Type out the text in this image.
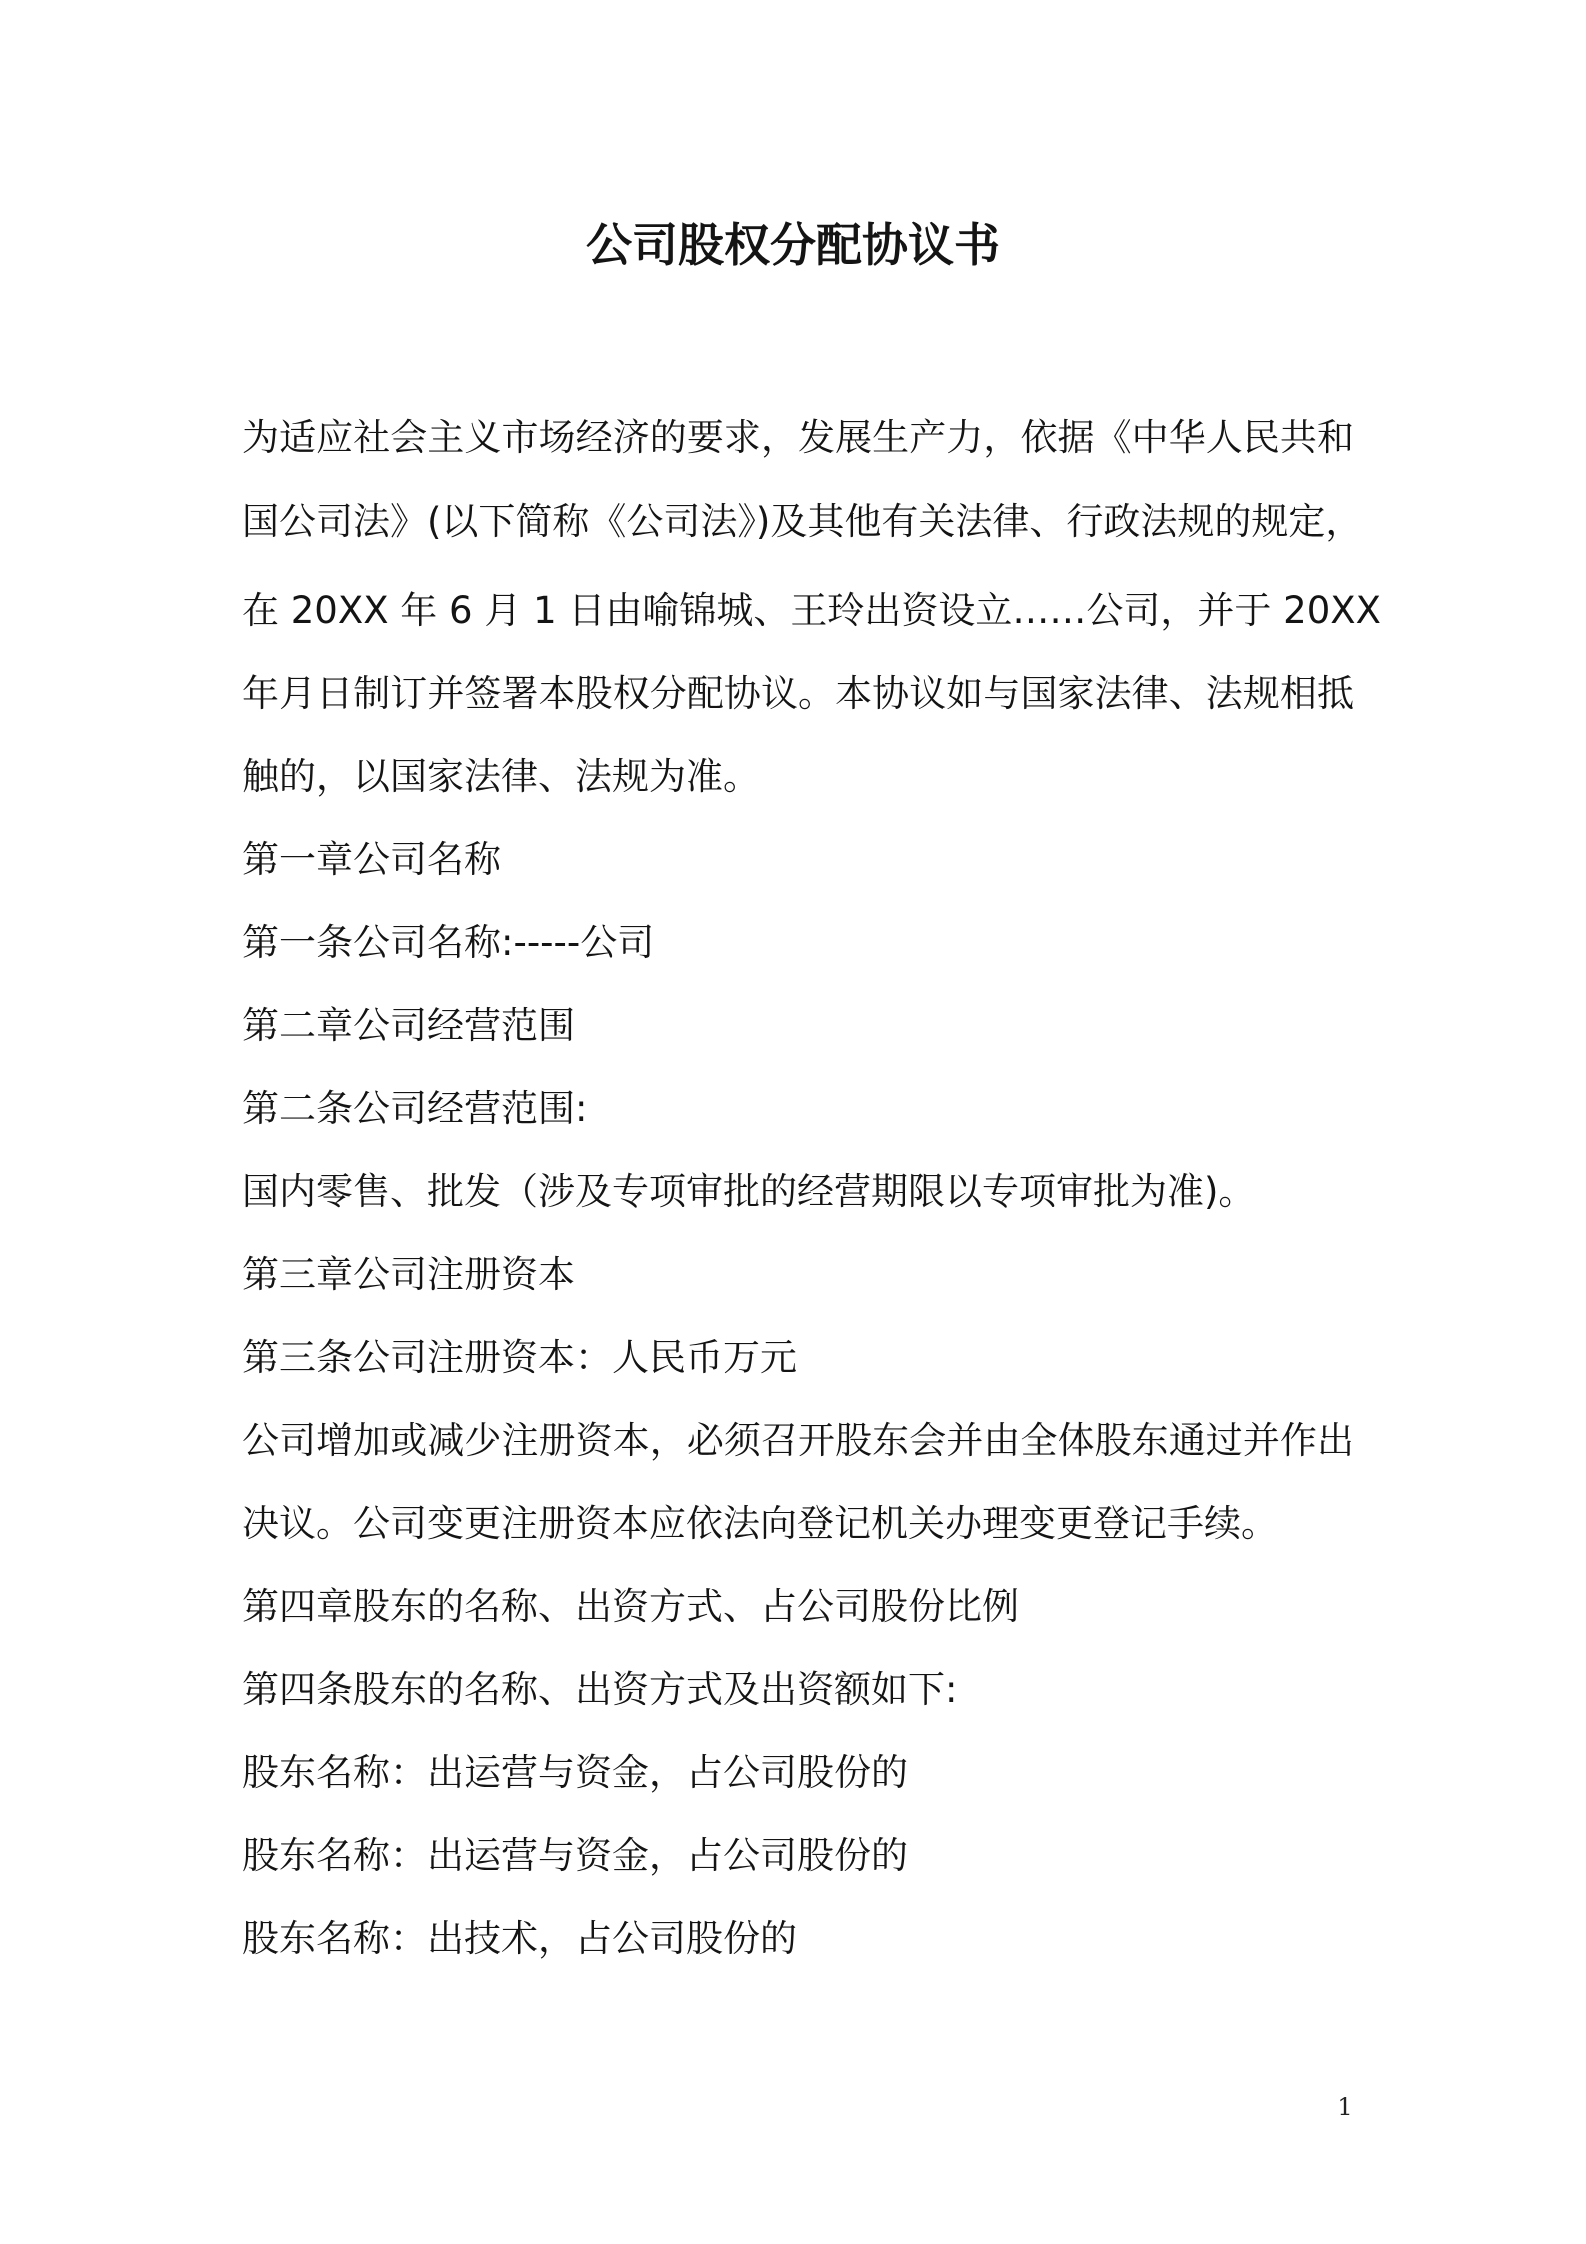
公司股权分配协议书
为适应社会主义市场经济的要求，发展生产力，依据《中华人民共和
国公司法》(以下简称《公司法》)及其他有关法律、行政法规的规定，
在 20XX 年 6 月 1 日由喻锦城、王玲出资设立……公司，并于 20XX
年月日制订并签署本股权分配协议。本协议如与国家法律、法规相抵
触的，以国家法律、法规为准。
第一章公司名称
第一条公司名称:-----公司
第二章公司经营范围
第二条公司经营范围:
国内零售、批发（涉及专项审批的经营期限以专项审批为准)。
第三章公司注册资本
第三条公司注册资本：人民币万元
公司增加或减少注册资本，必须召开股东会并由全体股东通过并作出
决议。公司变更注册资本应依法向登记机关办理变更登记手续。
第四章股东的名称、出资方式、占公司股份比例
第四条股东的名称、出资方式及出资额如下:
股东名称：出运营与资金，占公司股份的
股东名称：出运营与资金，占公司股份的
股东名称：出技术，占公司股份的
1
